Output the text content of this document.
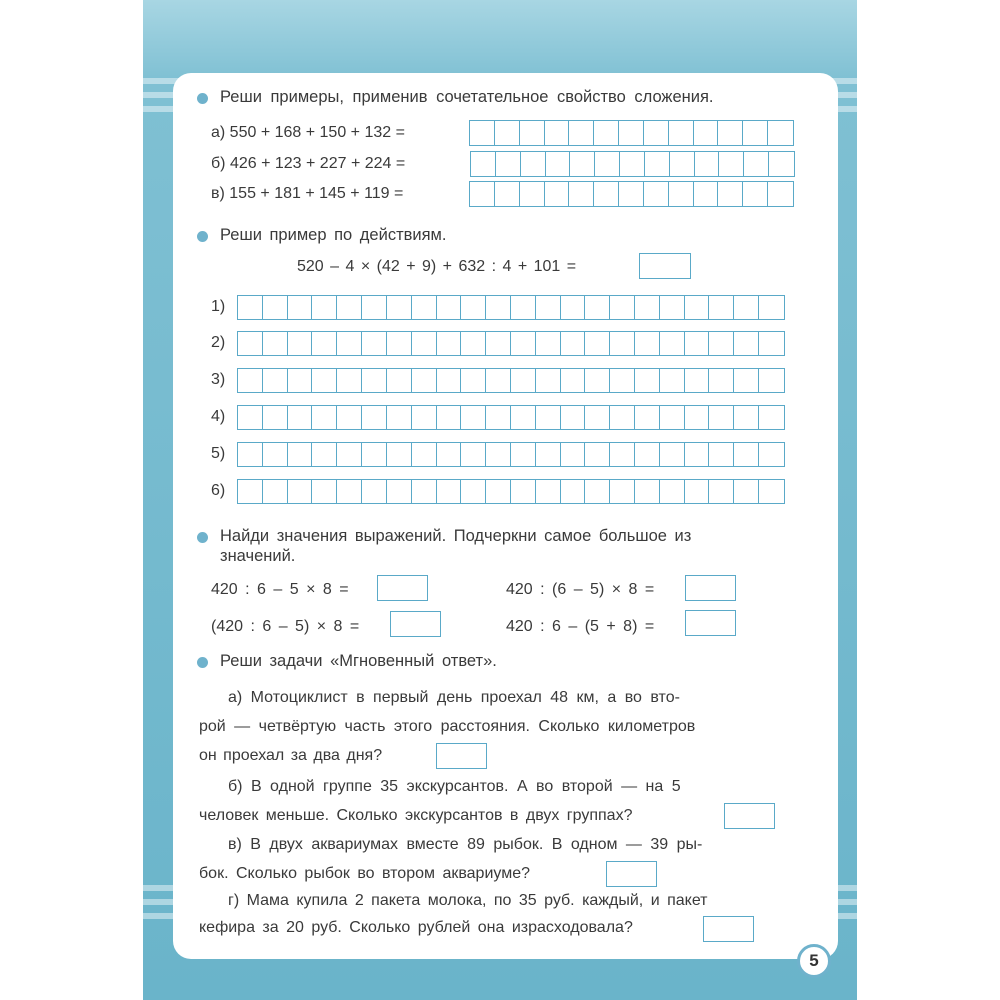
Реши примеры, применив сочетательное свойство сложения.
а) 550 + 168 + 150 + 132 =
б) 426 + 123 + 227 + 224 =
в) 155 + 181 + 145 + 119 =
Реши пример по действиям.
520 – 4 × (42 + 9) + 632 : 4 + 101 =
1)
2)
3)
4)
5)
6)
Найди значения выражений. Подчеркни самое большое из
значений.
420 : 6 – 5 × 8 =	420 : (6 – 5) × 8 =
(420 : 6 – 5) × 8 =	420 : 6 – (5 + 8) =
Реши задачи «Мгновенный ответ».
а) Мотоциклист в первый день проехал 48 км, а во вто-
рой — четвёртую часть этого расстояния. Сколько километров
он проехал за два дня?
б) В одной группе 35 экскурсантов. А во второй — на 5
человек меньше. Сколько экскурсантов в двух группах?
в) В двух аквариумах вместе 89 рыбок. В одном — 39 ры-
бок. Сколько рыбок во втором аквариуме?
г) Мама купила 2 пакета молока, по 35 руб. каждый, и пакет
кефира за 20 руб. Сколько рублей она израсходовала?
5
